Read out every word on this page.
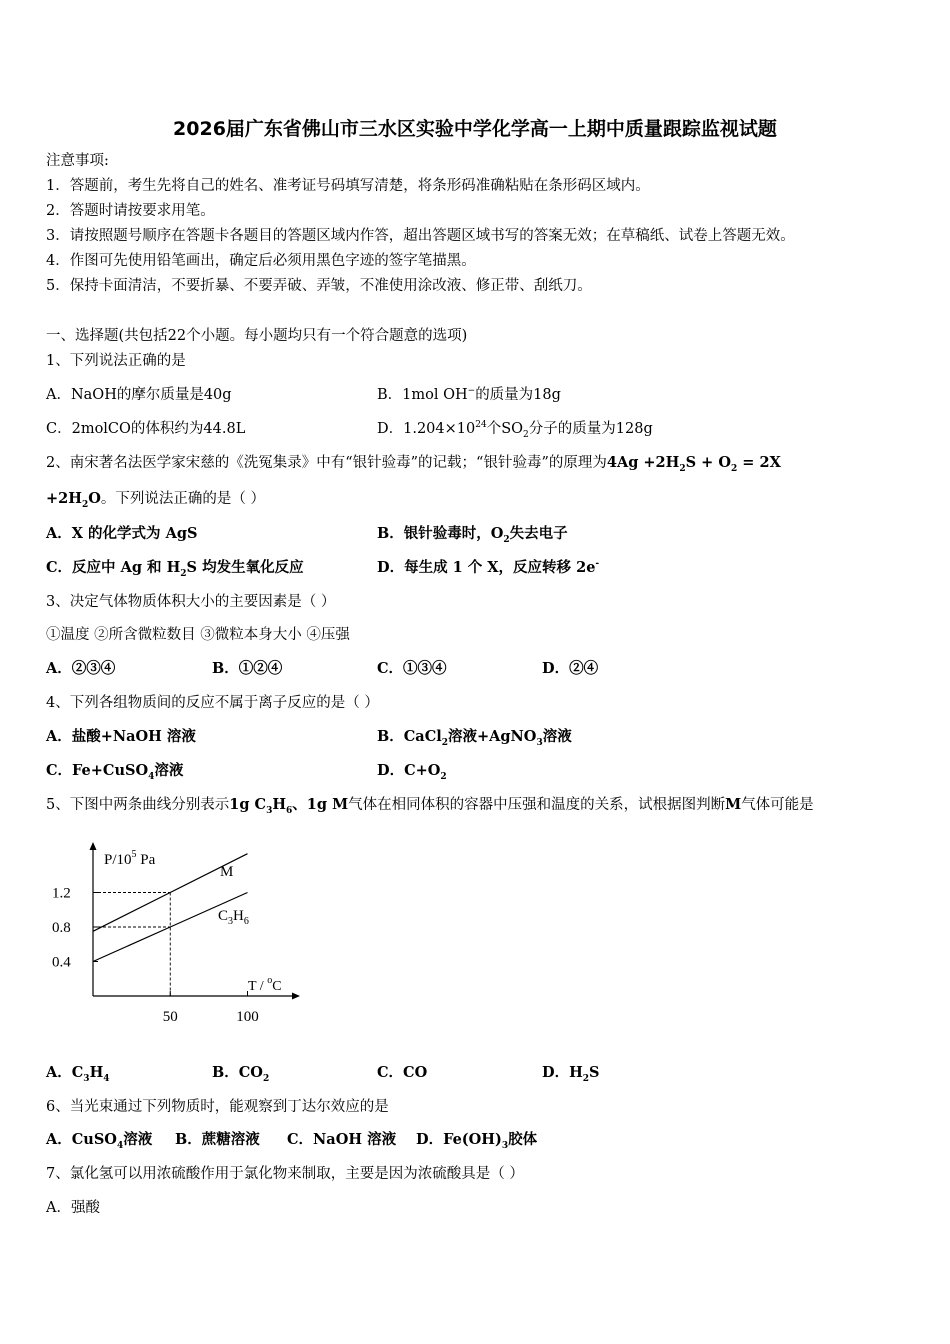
2026届广东省佛山市三水区实验中学化学高一上期中质量跟踪监视试题
注意事项:
1．答题前，考生先将自己的姓名、准考证号码填写清楚，将条形码准确粘贴在条形码区域内。
2．答题时请按要求用笔。
3．请按照题号顺序在答题卡各题目的答题区域内作答，超出答题区域书写的答案无效；在草稿纸、试卷上答题无效。
4．作图可先使用铅笔画出，确定后必须用黑色字迹的签字笔描黑。
5．保持卡面清洁，不要折暴、不要弄破、弄皱，不准使用涂改液、修正带、刮纸刀。
一、选择题(共包括22个小题。每小题均只有一个符合题意的选项)
1、下列说法正确的是
A．NaOH的摩尔质量是40g	B．1mol OH−的质量为18g
C．2molCO的体积约为44.8L	D．$1.204\times 10^{24}$个$SO_2$分子的质量为128g
2、南宋著名法医学家宋慈的《洗冤集录》中有“银针验毒”的记载；“银针验毒”的原理为$4Ag +2H_2S + O_2 = 2X$
$+2H_2O$。下列说法正确的是（ ）
A．X 的化学式为 AgS	B．银针验毒时，$O_2$失去电子
C．反应中 Ag 和 $H_2S$ 均发生氧化反应	D．每生成 1 个 X，反应转移 2e-
3、决定气体物质体积大小的主要因素是（ ）
①温度 ②所含微粒数目 ③微粒本身大小 ④压强
A．②③④	B．①②④	C．①③④	D．②④
4、下列各组物质间的反应不属于离子反应的是（ ）
A．盐酸+NaOH 溶液	B．CaCl$_2$溶液+AgNO$_3$溶液
C．Fe+CuSO$_4$溶液	D．$C+O_2$
5、下图中两条曲线分别表示1g $C_3H_6$、1g M气体在相同体积的容器中压强和温度的关系，试根据图判断M气体可能是
$P/10^5$ Pa
T / $^o$C
1.2
0.8
0.4
50	100
M
$C_3H_6$
A．$C_3H_4$	B．$CO_2$	C．CO	D．$H_2S$
6、当光束通过下列物质时，能观察到丁达尔效应的是
A．CuSO$_4$溶液 B．蔗糖溶液 C．NaOH 溶液 D．$Fe(OH)_3$胶体
7、氯化氢可以用浓硫酸作用于氯化物来制取，主要是因为浓硫酸具是（ ）
A．强酸
